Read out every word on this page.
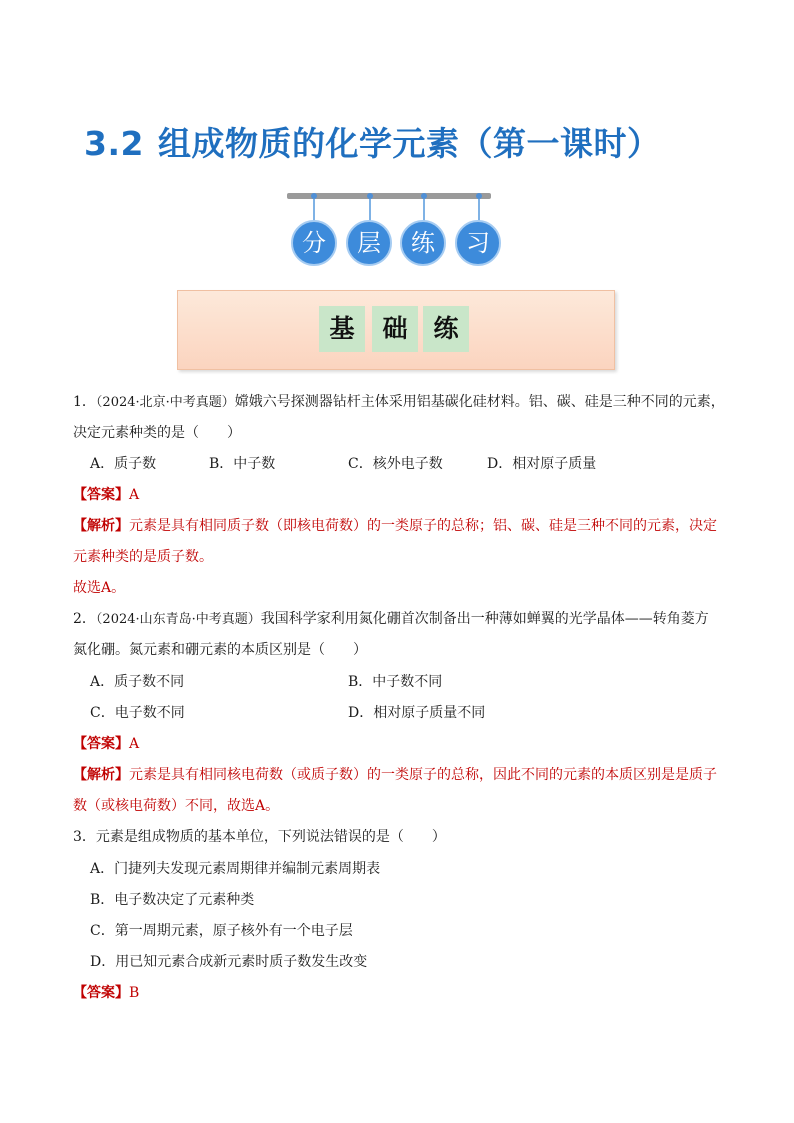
3.2 组成物质的化学元素（第一课时）
分	层	练	习
基	础	练
1．（2024·北京·中考真题）嫦娥六号探测器钻杆主体采用铝基碳化硅材料。铝、碳、硅是三种不同的元素，
决定元素种类的是（　　）
A．质子数	B．中子数	C．核外电子数	D．相对原子质量
【答案】A
【解析】元素是具有相同质子数（即核电荷数）的一类原子的总称；铝、碳、硅是三种不同的元素，决定
元素种类的是质子数。
故选A。
2．（2024·山东青岛·中考真题）我国科学家利用氮化硼首次制备出一种薄如蝉翼的光学晶体——转角菱方
氮化硼。氮元素和硼元素的本质区别是（　　）
A．质子数不同	B．中子数不同
C．电子数不同	D．相对原子质量不同
【答案】A
【解析】元素是具有相同核电荷数（或质子数）的一类原子的总称，因此不同的元素的本质区别是是质子
数（或核电荷数）不同，故选A。
3．元素是组成物质的基本单位，下列说法错误的是（　　）
A．门捷列夫发现元素周期律并编制元素周期表
B．电子数决定了元素种类
C．第一周期元素，原子核外有一个电子层
D．用已知元素合成新元素时质子数发生改变
【答案】B
